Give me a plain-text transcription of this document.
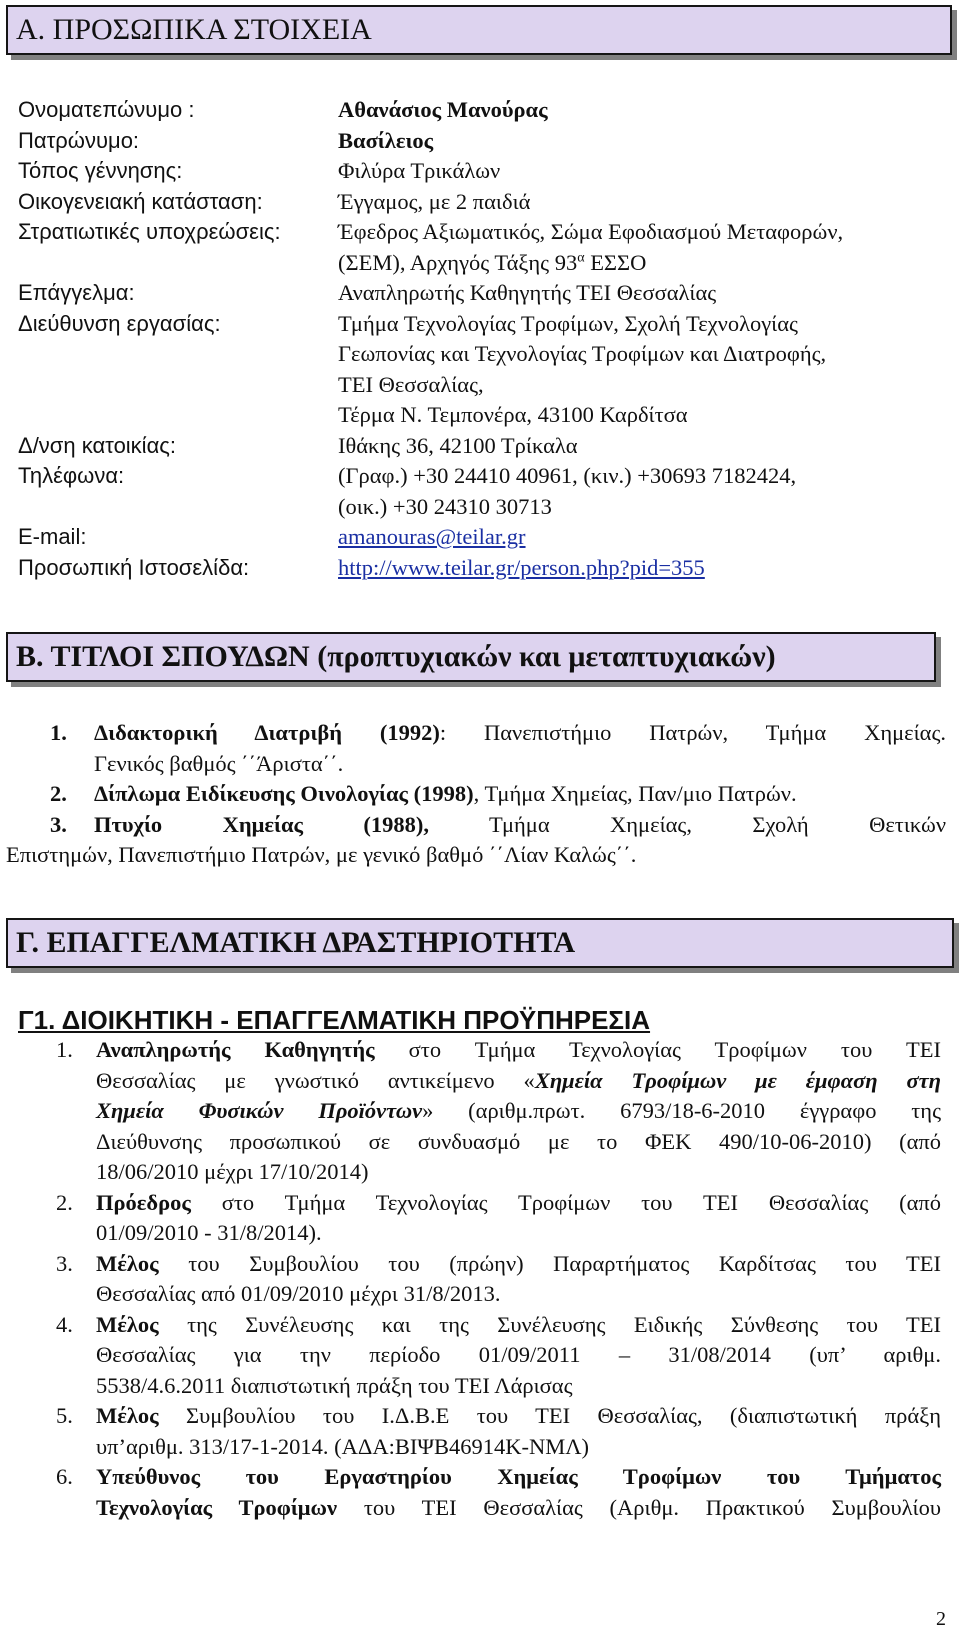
Α. ΠΡΟΣΩΠΙΚΑ ΣΤΟΙΧΕΙΑ
Ονοματεπώνυμο :	Αθανάσιος Μανούρας
Πατρώνυμο:	Βασίλειος
Τόπος γέννησης:	Φιλύρα Τρικάλων
Οικογενειακή κατάσταση:	Έγγαμος, με 2 παιδιά
Στρατιωτικές υποχρεώσεις:	Έφεδρος Αξιωματικός, Σώμα Εφοδιασμού Μεταφορών,
(ΣΕΜ), Αρχηγός Τάξης $93^\alpha$ ΕΣΣΟ
Επάγγελμα:	Αναπληρωτής Καθηγητής ΤΕΙ Θεσσαλίας
Διεύθυνση εργασίας:	Τμήμα Τεχνολογίας Τροφίμων, Σχολή Τεχνολογίας
Γεωπονίας και Τεχνολογίας Τροφίμων και Διατροφής,
ΤΕΙ Θεσσαλίας,
Τέρμα Ν. Τεμπονέρα, 43100 Καρδίτσα
Δ/νση κατοικίας:	Ιθάκης 36, 42100 Τρίκαλα
Τηλέφωνα:	(Γραφ.) +30 24410 40961, (κιν.) +30693 7182424,
(οικ.) +30 24310 30713
E-mail:	amanouras@teilar.gr
Προσωπική Ιστοσελίδα:	http://www.teilar.gr/person.php?pid=355
Β. ΤΙΤΛΟΙ ΣΠΟΥΔΩΝ (προπτυχιακών και μεταπτυχιακών)
1.	Διδακτορική Διατριβή (1992): Πανεπιστήμιο Πατρών, Τμήμα Χημείας.
Γενικός βαθμός ΄΄Άριστα΄΄.
2.	Δίπλωμα Ειδίκευσης Οινολογίας (1998), Τμήμα Χημείας, Παν/μιο Πατρών.
3.	Πτυχίο Χημείας (1988), Τμήμα Χημείας, Σχολή Θετικών
Επιστημών, Πανεπιστήμιο Πατρών, με γενικό βαθμό ΄΄Λίαν Καλώς΄΄.
Γ. ΕΠΑΓΓΕΛΜΑΤΙΚΗ ΔΡΑΣΤΗΡΙΟΤΗΤΑ
Γ1. ΔΙΟΙΚΗΤΙΚΗ - ΕΠΑΓΓΕΛΜΑΤΙΚΗ ΠΡΟΫΠΗΡΕΣΙΑ
1.	Αναπληρωτής Καθηγητής στο Τμήμα Τεχνολογίας Τροφίμων του ΤΕΙ
Θεσσαλίας με γνωστικό αντικείμενο «Χημεία Τροφίμων με έμφαση στη
Χημεία Φυσικών Προϊόντων» (αριθμ.πρωτ. 6793/18-6-2010 έγγραφο της
Διεύθυνσης προσωπικού σε συνδυασμό με το ΦΕΚ 490/10-06-2010) (από
18/06/2010 μέχρι 17/10/2014)
2.	Πρόεδρος στο Τμήμα Τεχνολογίας Τροφίμων του ΤΕΙ Θεσσαλίας (από
01/09/2010 - 31/8/2014).
3.	Μέλος του Συμβουλίου του (πρώην) Παραρτήματος Καρδίτσας του ΤΕΙ
Θεσσαλίας από 01/09/2010 μέχρι 31/8/2013.
4.	Μέλος της Συνέλευσης και της Συνέλευσης Ειδικής Σύνθεσης του ΤΕΙ
Θεσσαλίας για την περίοδο 01/09/2011 – 31/08/2014 (υπ’ αριθμ.
5538/4.6.2011 διαπιστωτική πράξη του ΤΕΙ Λάρισας
5.	Μέλος Συμβουλίου του Ι.Δ.Β.Ε του ΤΕΙ Θεσσαλίας, (διαπιστωτική πράξη
υπ’αριθμ. 313/17-1-2014. (ΑΔΑ:ΒΙΨΒ46914Κ-ΝΜΛ)
6.	Υπεύθυνος του Εργαστηρίου Χημείας Τροφίμων του Τμήματος
Τεχνολογίας Τροφίμων του ΤΕΙ Θεσσαλίας (Αριθμ. Πρακτικού Συμβουλίου
2
